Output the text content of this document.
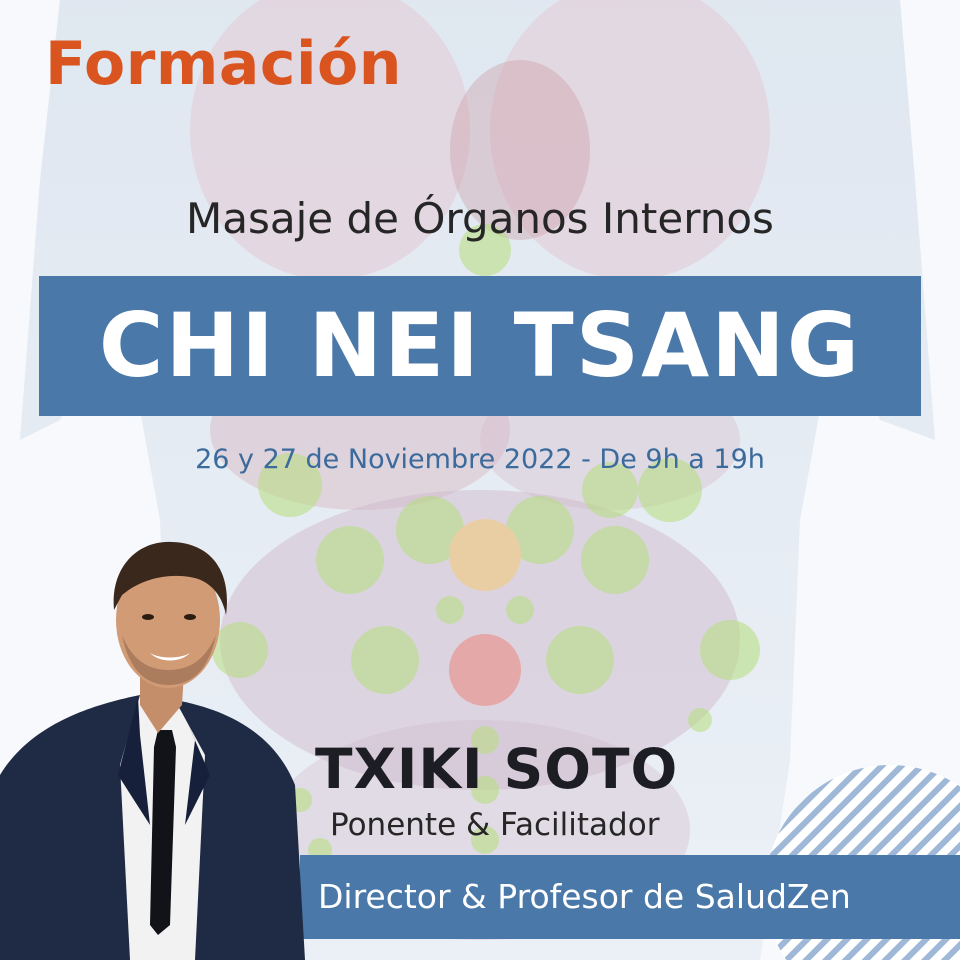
Formación
Masaje de Órganos Internos
CHI NEI TSANG

26 y 27 de Noviembre 2022 - De 9h a 19h

TXIKI SOTO
Ponente & Facilitador
Director & Profesor de SaludZen
